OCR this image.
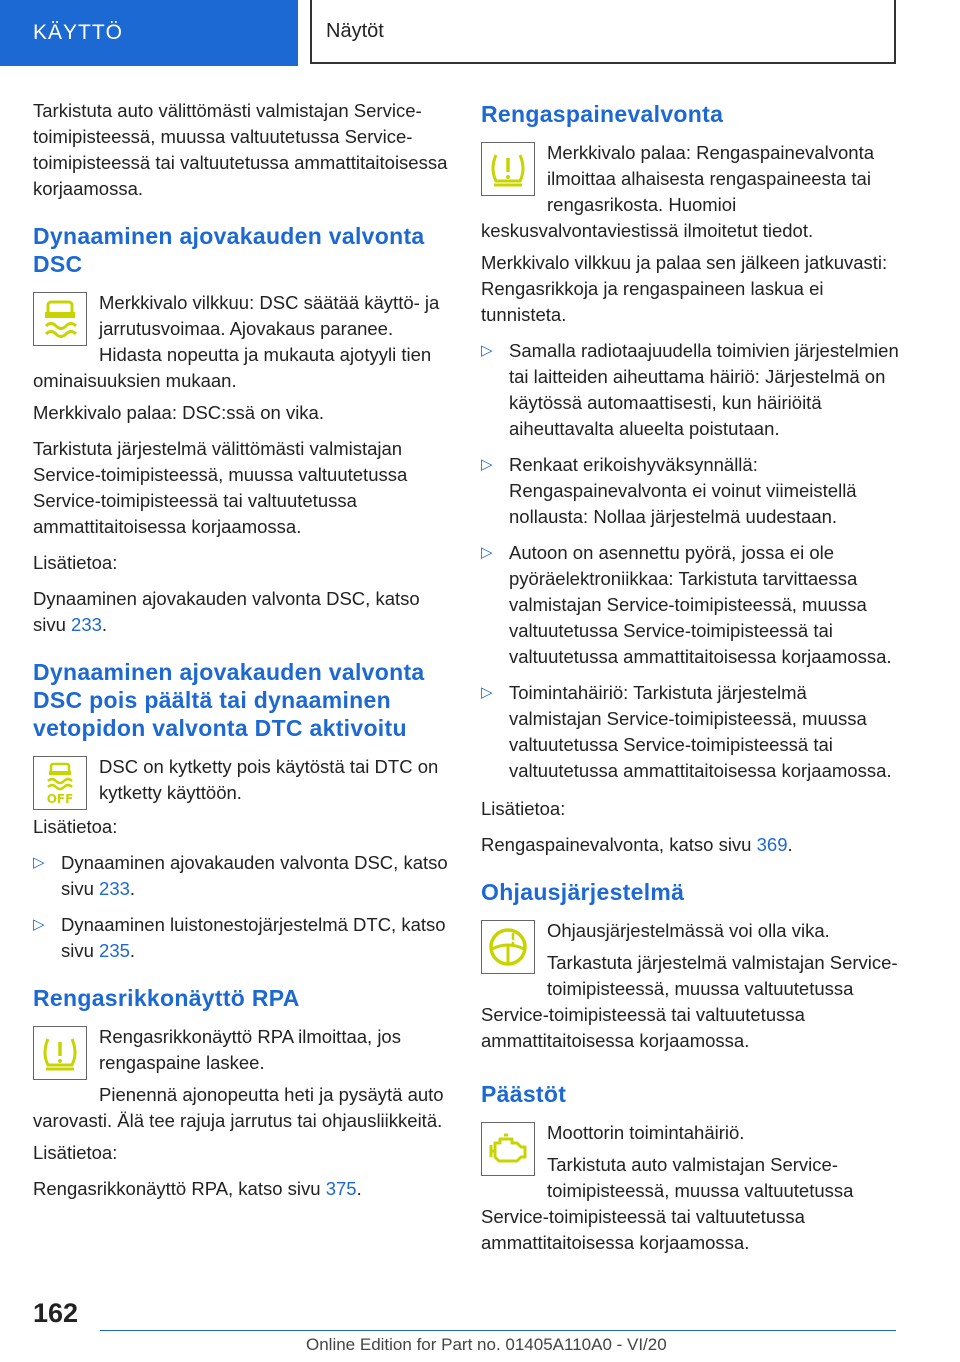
KÄYTTÖ	Näytöt

Tarkistuta auto välittömästi valmistajan Service-toimipisteessä, muussa valtuutetussa Service-toimipisteessä tai valtuutetussa ammattitaitoisessa korjaamossa.

Dynaaminen ajovakauden valvonta DSC

Merkkivalo vilkkuu: DSC säätää käyttö- ja jarrutusvoimaa. Ajovakaus paranee. Hidasta nopeutta ja mukauta ajotyyli tien ominaisuuksien mukaan.

Merkkivalo palaa: DSC:ssä on vika.

Tarkistuta järjestelmä välittömästi valmistajan Service-toimipisteessä, muussa valtuutetussa Service-toimipisteessä tai valtuutetussa ammattitaitoisessa korjaamossa.

Lisätietoa:

Dynaaminen ajovakauden valvonta DSC, katso sivu 233.

Dynaaminen ajovakauden valvonta DSC pois päältä tai dynaaminen vetopidon valvonta DTC aktivoitu
OFF

DSC on kytketty pois käytöstä tai DTC on kytketty käyttöön.

Lisätietoa:

▷ Dynaaminen ajovakauden valvonta DSC, katso sivu 233.
▷ Dynaaminen luistonestojärjestelmä DTC, katso sivu 235.
Rengasrikkonäyttö RPA

Rengasrikkonäyttö RPA ilmoittaa, jos rengaspaine laskee.

Pienennä ajonopeutta heti ja pysäytä auto varovasti. Älä tee rajuja jarrutus tai ohjausliikkeitä.

Lisätietoa:

Rengasrikkonäyttö RPA, katso sivu 375.

Rengaspainevalvonta

Merkkivalo palaa: Rengaspainevalvonta ilmoittaa alhaisesta rengaspaineesta tai rengasrikosta. Huomioi keskusvalvontaviestissä ilmoitetut tiedot.

Merkkivalo vilkkuu ja palaa sen jälkeen jatkuvasti: Rengasrikkoja ja rengaspaineen laskua ei tunnisteta.

▷ Samalla radiotaajuudella toimivien järjestelmien tai laitteiden aiheuttama häiriö: Järjestelmä on käytössä automaattisesti, kun häiriöitä aiheuttavalta alueelta poistutaan.
▷ Renkaat erikoishyväksynnällä: Rengaspainevalvonta ei voinut viimeistellä nollausta: Nollaa järjestelmä uudestaan.
▷ Autoon on asennettu pyörä, jossa ei ole pyöräelektroniikkaa: Tarkistuta tarvittaessa valmistajan Service-toimipisteessä, muussa valtuutetussa Service-toimipisteessä tai valtuutetussa ammattitaitoisessa korjaamossa.
▷ Toimintahäiriö: Tarkistuta järjestelmä valmistajan Service-toimipisteessä, muussa valtuutetussa Service-toimipisteessä tai valtuutetussa ammattitaitoisessa korjaamossa.

Lisätietoa:

Rengaspainevalvonta, katso sivu 369.

Ohjausjärjestelmä

Ohjausjärjestelmässä voi olla vika.

Tarkastuta järjestelmä valmistajan Service-toimipisteessä, muussa valtuutetussa Service-toimipisteessä tai valtuutetussa ammattitaitoisessa korjaamossa.

Päästöt

Moottorin toimintahäiriö.

Tarkistuta auto valmistajan Service-toimipisteessä, muussa valtuutetussa Service-toimipisteessä tai valtuutetussa ammattitaitoisessa korjaamossa.

162
Online Edition for Part no. 01405A110A0 - VI/20
